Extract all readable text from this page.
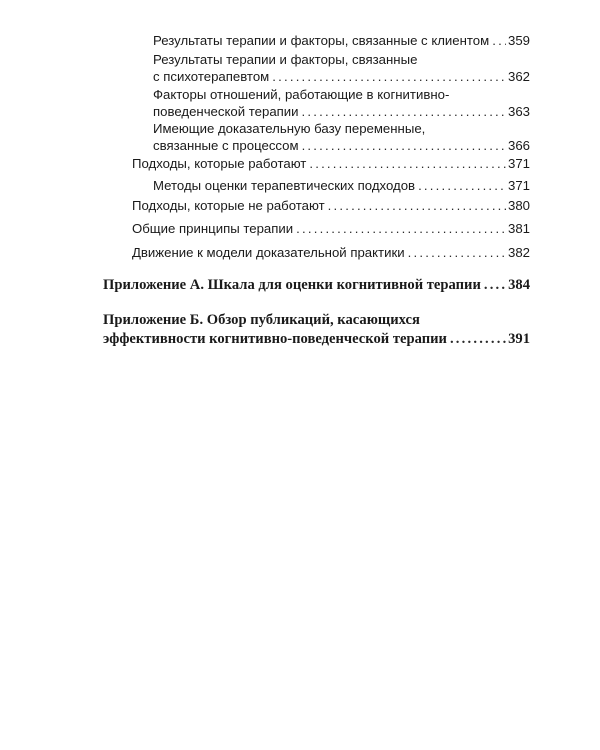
Результаты терапии и факторы, связанные с клиентом ..... 359
Результаты терапии и факторы, связанные
с психотерапевтом .....	362
Факторы отношений, работающие в когнитивно-
поведенческой терапии .....	363
Имеющие доказательную базу переменные,
связанные с процессом .....	366
Подходы, которые работают .....	371
Методы оценки терапевтических подходов .....	371
Подходы, которые не работают .....	380
Общие принципы терапии .....	381
Движение к модели доказательной практики .....	382
Приложение А. Шкала для оценки когнитивной терапии ..... 384
Приложение Б. Обзор публикаций, касающихся
эффективности когнитивно-поведенческой терапии .....	391
